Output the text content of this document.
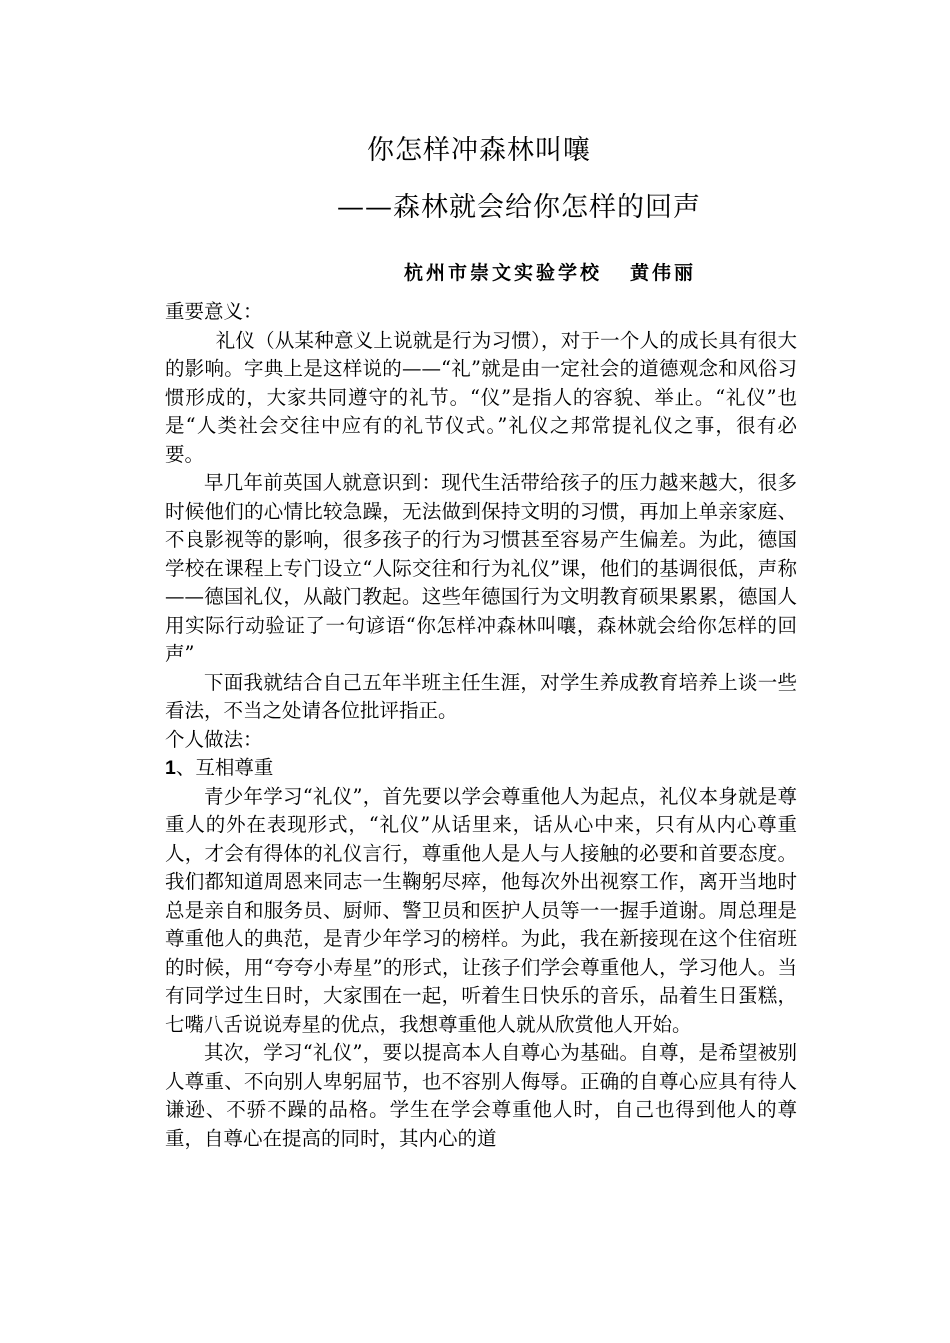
你怎样冲森林叫嚷
——森林就会给你怎样的回声
杭州市崇文实验学校 黄伟丽

重要意义：

礼仪（从某种意义上说就是行为习惯），对于一个人的成长具有很大的影响。字典上是这样说的——“礼”就是由一定社会的道德观念和风俗习惯形成的，大家共同遵守的礼节。“仪”是指人的容貌、举止。“礼仪”也是“人类社会交往中应有的礼节仪式。”礼仪之邦常提礼仪之事，很有必要。

早几年前英国人就意识到：现代生活带给孩子的压力越来越大，很多时候他们的心情比较急躁，无法做到保持文明的习惯，再加上单亲家庭、不良影视等的影响，很多孩子的行为习惯甚至容易产生偏差。为此，德国学校在课程上专门设立“人际交往和行为礼仪”课，他们的基调很低，声称——德国礼仪，从敲门教起。这些年德国行为文明教育硕果累累，德国人用实际行动验证了一句谚语“你怎样冲森林叫嚷，森林就会给你怎样的回声”

下面我就结合自己五年半班主任生涯，对学生养成教育培养上谈一些看法，不当之处请各位批评指正。

个人做法：

1、互相尊重

青少年学习“礼仪”，首先要以学会尊重他人为起点，礼仪本身就是尊重人的外在表现形式，“礼仪”从话里来，话从心中来，只有从内心尊重人，才会有得体的礼仪言行，尊重他人是人与人接触的必要和首要态度。我们都知道周恩来同志一生鞠躬尽瘁，他每次外出视察工作，离开当地时总是亲自和服务员、厨师、警卫员和医护人员等一一握手道谢。周总理是尊重他人的典范，是青少年学习的榜样。为此，我在新接现在这个住宿班的时候，用“夸夸小寿星”的形式，让孩子们学会尊重他人，学习他人。当有同学过生日时，大家围在一起，听着生日快乐的音乐，品着生日蛋糕，七嘴八舌说说寿星的优点，我想尊重他人就从欣赏他人开始。

其次，学习“礼仪”，要以提高本人自尊心为基础。自尊，是希望被别人尊重、不向别人卑躬屈节，也不容别人侮辱。正确的自尊心应具有待人谦逊、不骄不躁的品格。学生在学会尊重他人时，自己也得到他人的尊重，自尊心在提高的同时，其内心的道
